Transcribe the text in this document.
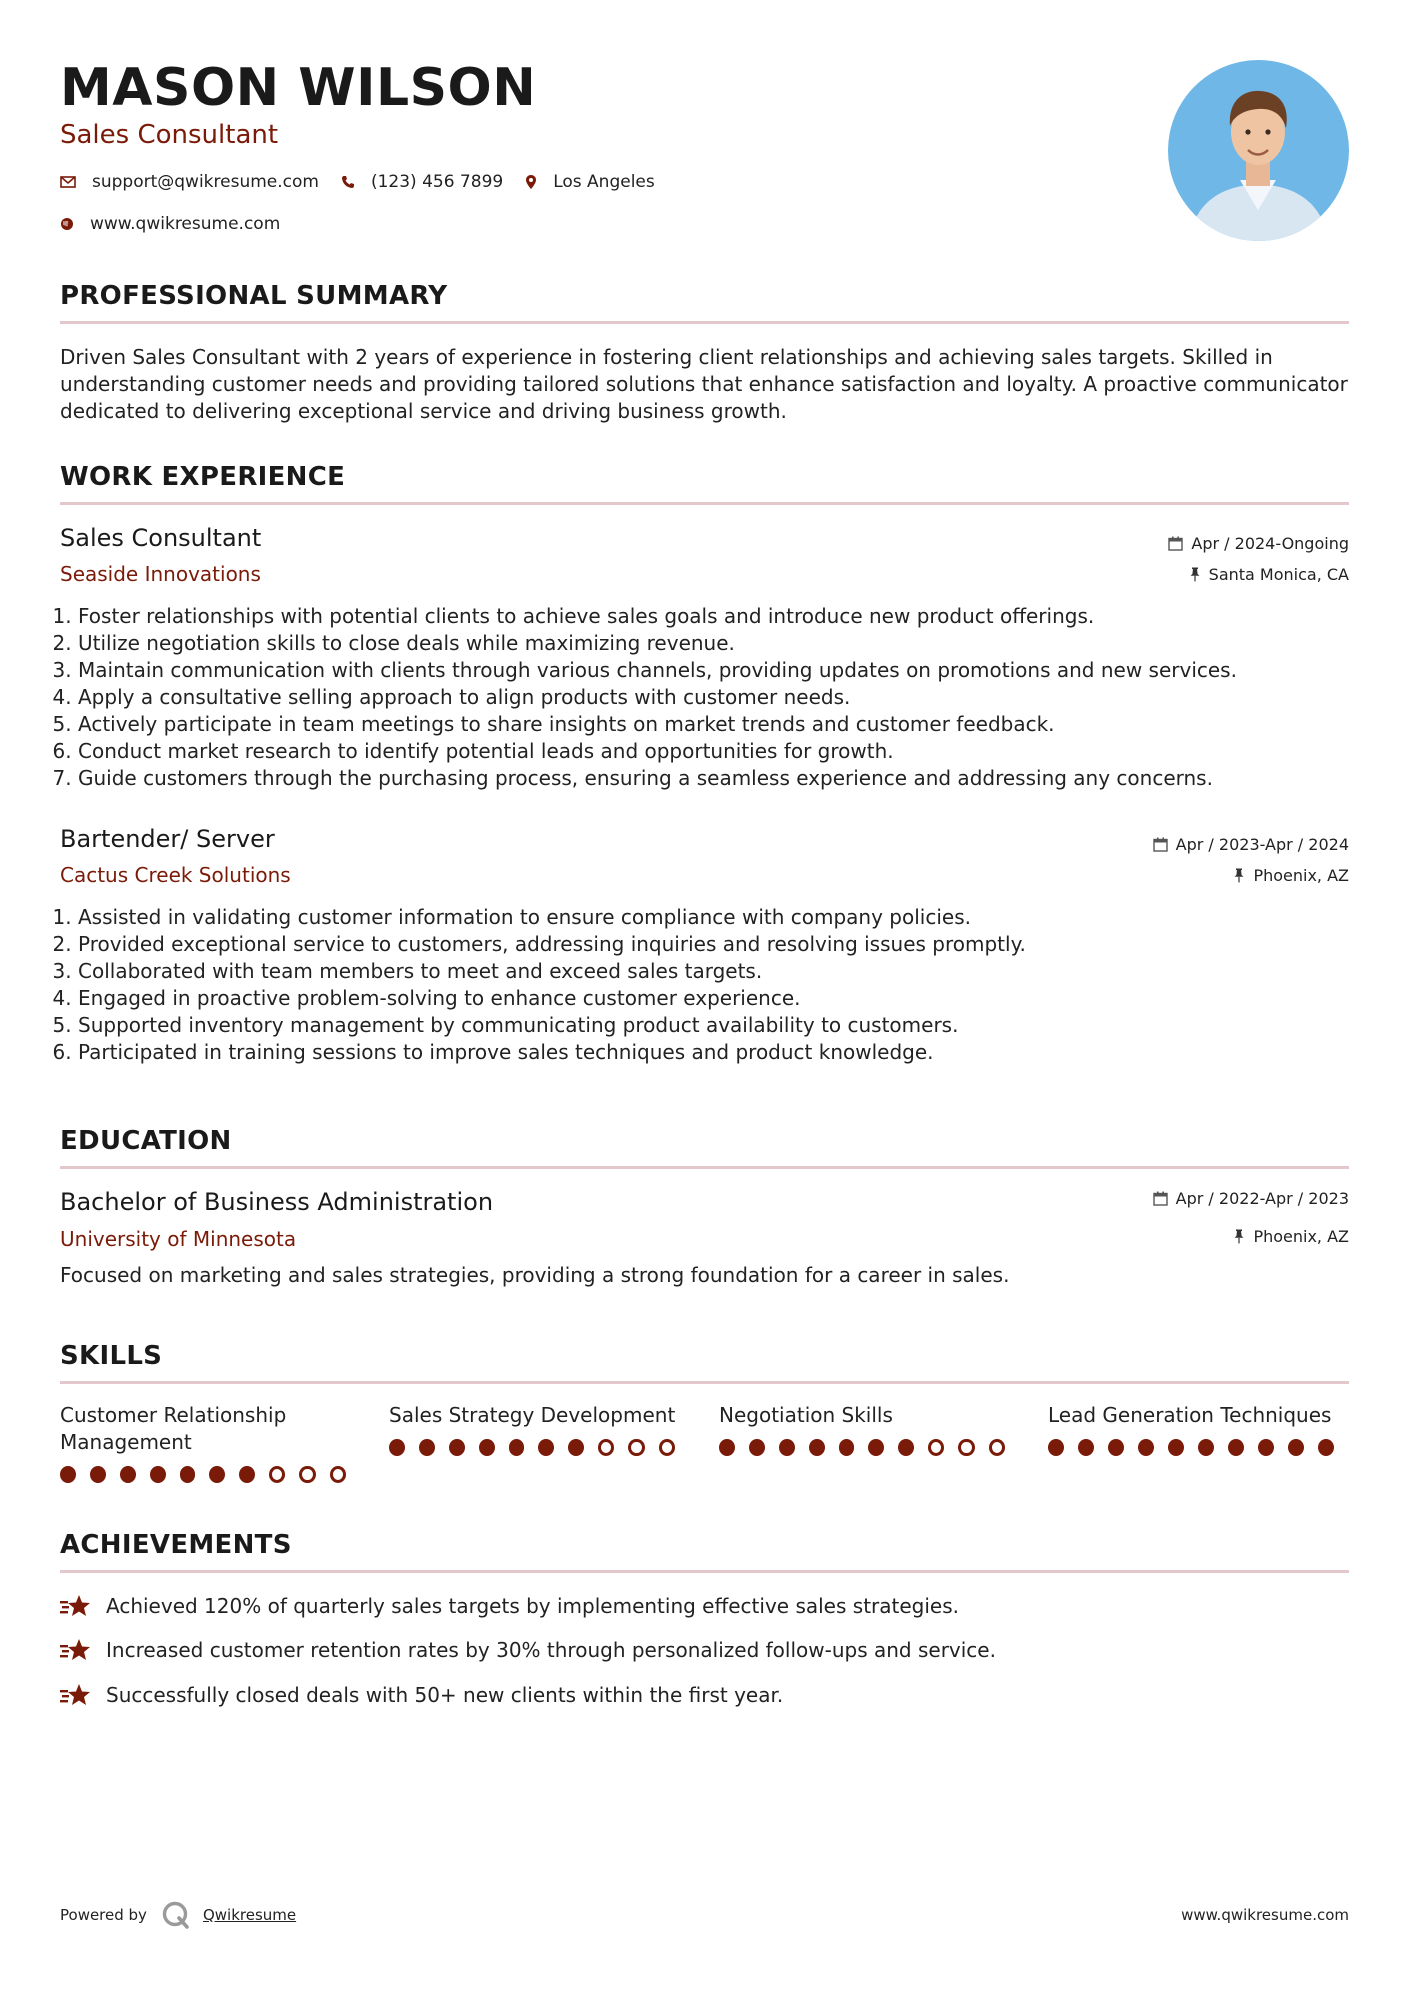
MASON WILSON
Sales Consultant
support@qwikresume.com	(123) 456 7899	Los Angeles
www.qwikresume.com
PROFESSIONAL SUMMARY

Driven Sales Consultant with 2 years of experience in fostering client relationships and achieving sales targets. Skilled in understanding customer needs and providing tailored solutions that enhance satisfaction and loyalty. A proactive communicator dedicated to delivering exceptional service and driving business growth.

WORK EXPERIENCE
Sales Consultant
Seaside Innovations
Apr / 2024-Ongoing
Santa Monica, CA
1. Foster relationships with potential clients to achieve sales goals and introduce new product offerings.
2. Utilize negotiation skills to close deals while maximizing revenue.
3. Maintain communication with clients through various channels, providing updates on promotions and new services.
4. Apply a consultative selling approach to align products with customer needs.
5. Actively participate in team meetings to share insights on market trends and customer feedback.
6. Conduct market research to identify potential leads and opportunities for growth.
7. Guide customers through the purchasing process, ensuring a seamless experience and addressing any concerns.
Bartender/ Server
Cactus Creek Solutions
Apr / 2023-Apr / 2024
Phoenix, AZ
1. Assisted in validating customer information to ensure compliance with company policies.
2. Provided exceptional service to customers, addressing inquiries and resolving issues promptly.
3. Collaborated with team members to meet and exceed sales targets.
4. Engaged in proactive problem-solving to enhance customer experience.
5. Supported inventory management by communicating product availability to customers.
6. Participated in training sessions to improve sales techniques and product knowledge.
EDUCATION
Bachelor of Business Administration
University of Minnesota
Apr / 2022-Apr / 2023
Phoenix, AZ

Focused on marketing and sales strategies, providing a strong foundation for a career in sales.

SKILLS
Customer Relationship Management
Sales Strategy Development	Negotiation Skills	Lead Generation Techniques
ACHIEVEMENTS
Achieved 120% of quarterly sales targets by implementing effective sales strategies.
Increased customer retention rates by 30% through personalized follow-ups and service.
Successfully closed deals with 50+ new clients within the first year.
Powered by	Qwikresume	www.qwikresume.com
